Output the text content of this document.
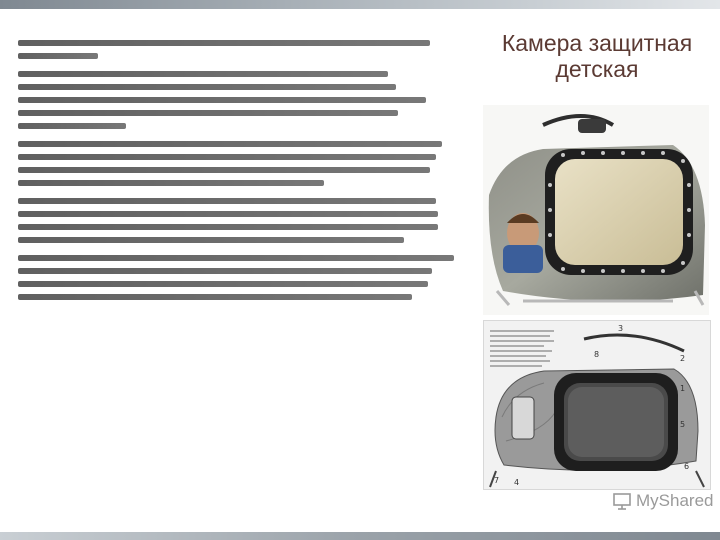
Камера защитная
детская
3
8	2
1
5
6
7 4
MyShared
